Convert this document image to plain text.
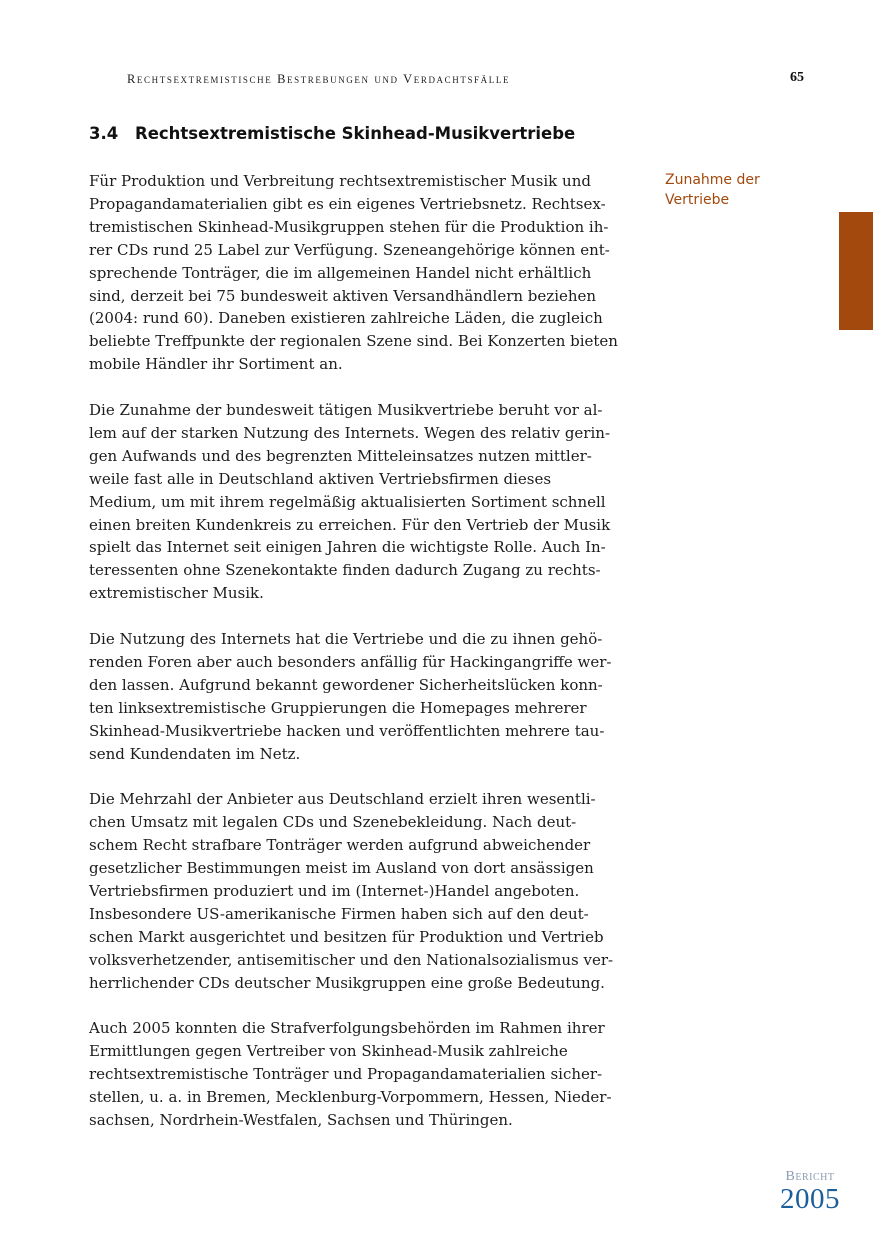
Rechtsextremistische Bestrebungen und Verdachtsfälle	65
3.4 Rechtsextremistische Skinhead-Musikvertriebe

Für Produktion und Verbreitung rechtsextremistischer Musik und
Propagandamaterialien gibt es ein eigenes Vertriebsnetz. Rechtsex-
tremistischen Skinhead-Musikgruppen stehen für die Produktion ih-
rer CDs rund 25 Label zur Verfügung. Szeneangehörige können ent-
sprechende Tonträger, die im allgemeinen Handel nicht erhältlich
sind, derzeit bei 75 bundesweit aktiven Versandhändlern beziehen
(2004: rund 60). Daneben existieren zahlreiche Läden, die zugleich
beliebte Treffpunkte der regionalen Szene sind. Bei Konzerten bieten
mobile Händler ihr Sortiment an.

Die Zunahme der bundesweit tätigen Musikvertriebe beruht vor al-
lem auf der starken Nutzung des Internets. Wegen des relativ gerin-
gen Aufwands und des begrenzten Mitteleinsatzes nutzen mittler-
weile fast alle in Deutschland aktiven Vertriebsfirmen dieses
Medium, um mit ihrem regelmäßig aktualisierten Sortiment schnell
einen breiten Kundenkreis zu erreichen. Für den Vertrieb der Musik
spielt das Internet seit einigen Jahren die wichtigste Rolle. Auch In-
teressenten ohne Szenekontakte finden dadurch Zugang zu rechts-
extremistischer Musik.

Die Nutzung des Internets hat die Vertriebe und die zu ihnen gehö-
renden Foren aber auch besonders anfällig für Hackingangriffe wer-
den lassen. Aufgrund bekannt gewordener Sicherheitslücken konn-
ten linksextremistische Gruppierungen die Homepages mehrerer
Skinhead-Musikvertriebe hacken und veröffentlichten mehrere tau-
send Kundendaten im Netz.

Die Mehrzahl der Anbieter aus Deutschland erzielt ihren wesentli-
chen Umsatz mit legalen CDs und Szenebekleidung. Nach deut-
schem Recht strafbare Tonträger werden aufgrund abweichender
gesetzlicher Bestimmungen meist im Ausland von dort ansässigen
Vertriebsfirmen produziert und im (Internet-)Handel angeboten.
Insbesondere US-amerikanische Firmen haben sich auf den deut-
schen Markt ausgerichtet und besitzen für Produktion und Vertrieb
volksverhetzender, antisemitischer und den Nationalsozialismus ver-
herrlichender CDs deutscher Musikgruppen eine große Bedeutung.

Auch 2005 konnten die Strafverfolgungsbehörden im Rahmen ihrer
Ermittlungen gegen Vertreiber von Skinhead-Musik zahlreiche
rechtsextremistische Tonträger und Propagandamaterialien sicher-
stellen, u. a. in Bremen, Mecklenburg-Vorpommern, Hessen, Nieder-
sachsen, Nordrhein-Westfalen, Sachsen und Thüringen.

Zunahme der
Vertriebe
Bericht
2005
